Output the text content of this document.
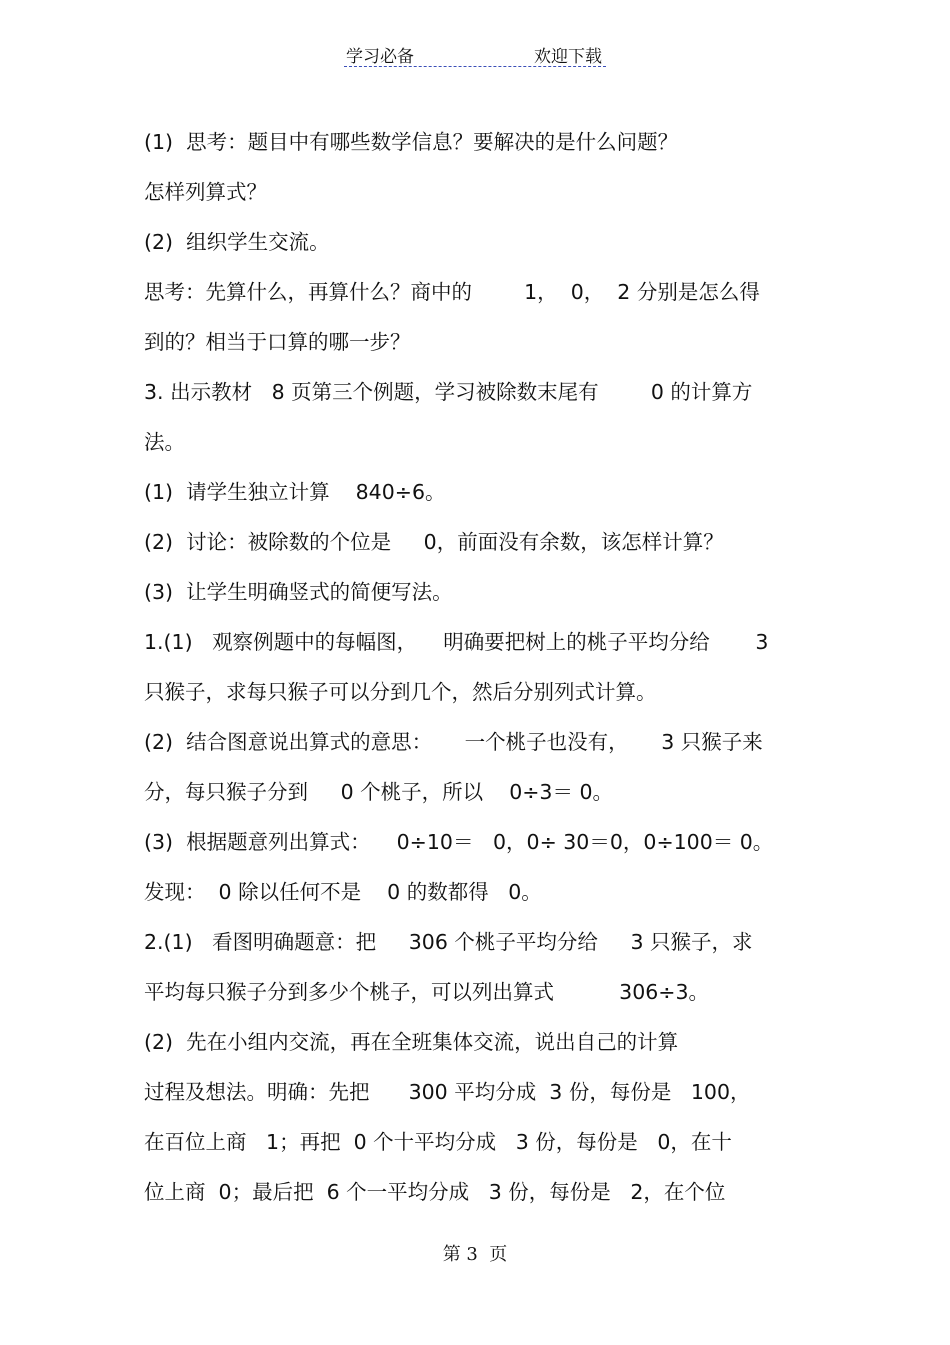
学习必备	欢迎下载
(1)  思考：题目中有哪些数学信息？要解决的是什么问题？
怎样列算式？
(2)  组织学生交流。
思考：先算什么，再算什么？商中的        1，  0，  2 分别是怎么得
到的？相当于口算的哪一步？
3. 出示教材   8 页第三个例题，学习被除数末尾有        0 的计算方
法。
(1)  请学生独立计算    840÷6。
(2)  讨论：被除数的个位是     0，前面没有余数，该怎样计算？
(3)  让学生明确竖式的简便写法。
1.(1)   观察例题中的每幅图，    明确要把树上的桃子平均分给       3
只猴子，求每只猴子可以分到几个，然后分别列式计算。
(2)  结合图意说出算式的意思：     一个桃子也没有，     3 只猴子来
分，每只猴子分到     0 个桃子，所以    0÷3＝ 0。
(3)  根据题意列出算式：    0÷10＝   0，0÷ 30＝0，0÷100＝ 0。
发现：  0 除以任何不是    0 的数都得   0。
2.(1)   看图明确题意：把     306 个桃子平均分给     3 只猴子，求
平均每只猴子分到多少个桃子，可以列出算式          306÷3。
(2)  先在小组内交流，再在全班集体交流，说出自己的计算
过程及想法。明确：先把      300 平均分成  3 份，每份是   100，
在百位上商   1；再把  0 个十平均分成   3 份，每份是   0，在十
位上商  0；最后把  6 个一平均分成   3 份，每份是   2，在个位
第 3  页
